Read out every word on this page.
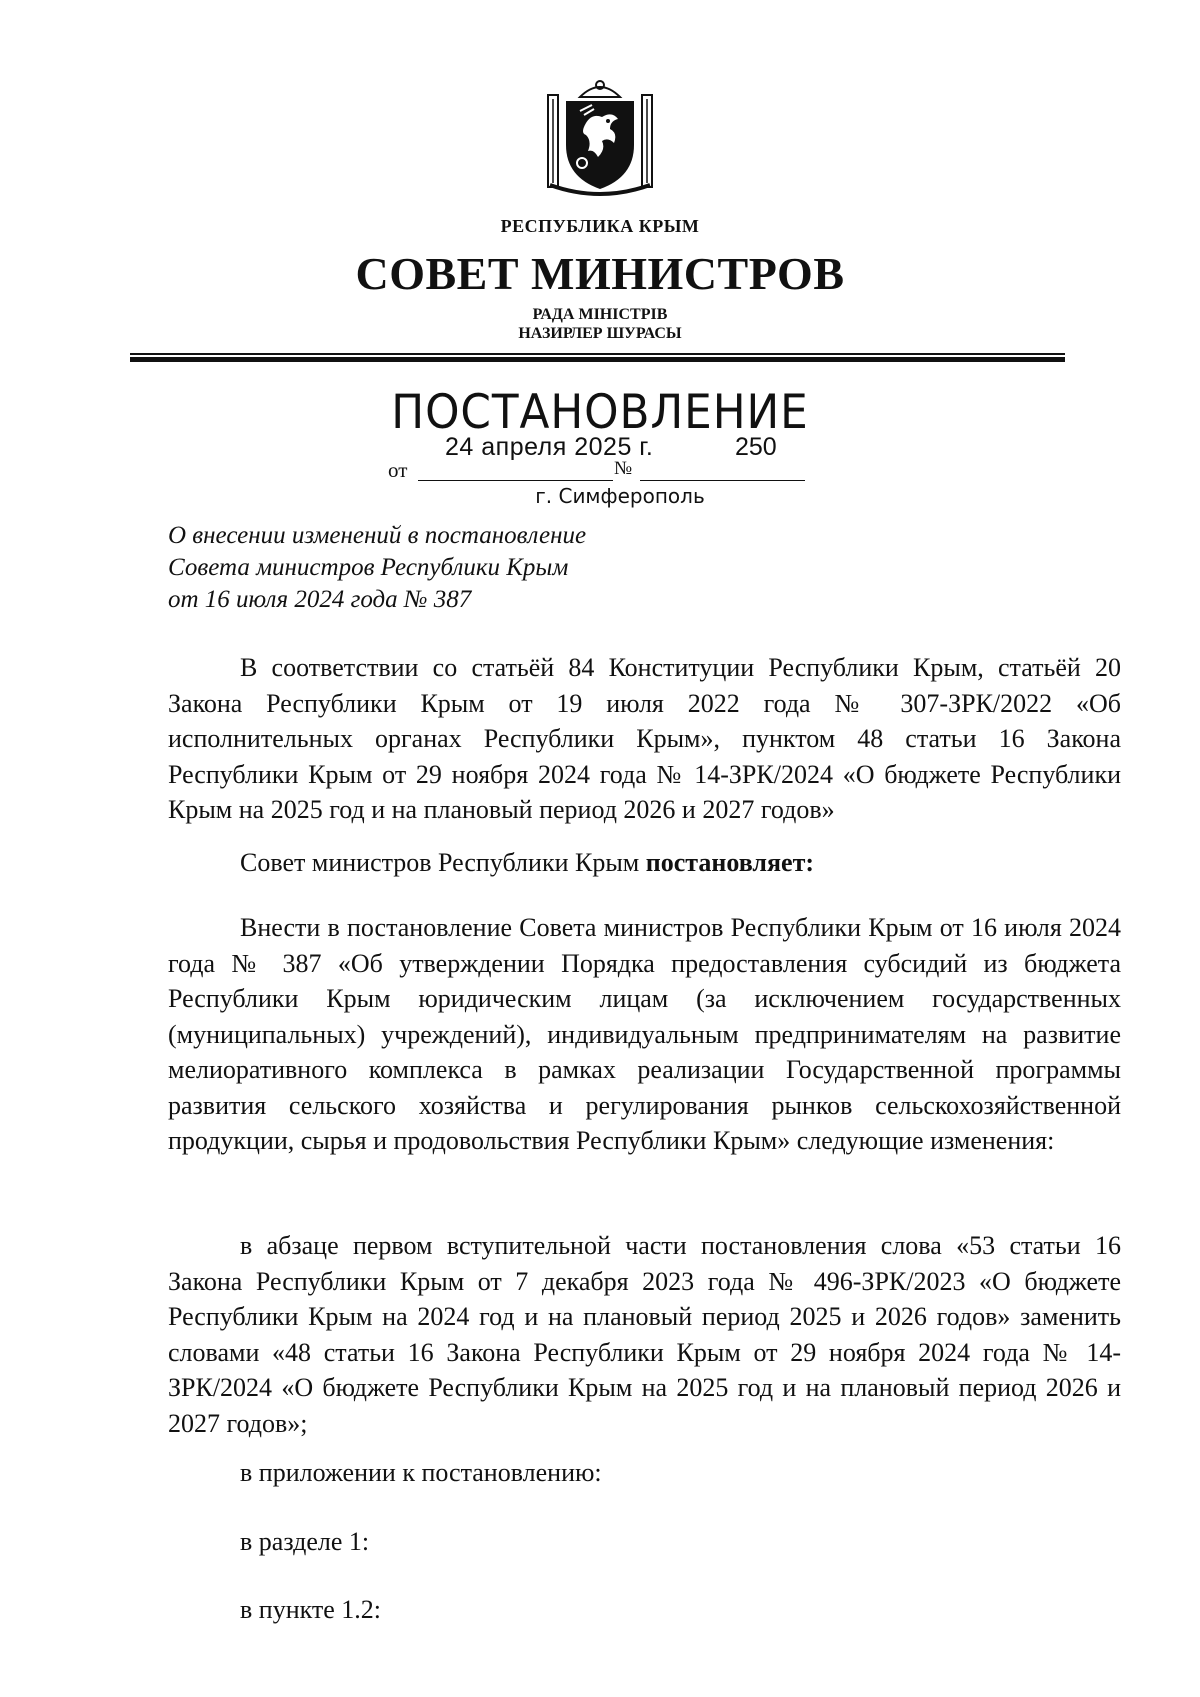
РЕСПУБЛИКА КРЫМ
СОВЕТ МИНИСТРОВ
РАДА МІНІСТРІВ
НАЗИРЛЕР ШУРАСЫ
ПОСТАНОВЛЕНИЕ
24 апреля 2025 г.	250
от	№
г. Симферополь
О внесении изменений в постановление
Совета министров Республики Крым
от 16 июля 2024 года № 387
В соответствии со статьёй 84 Конституции Республики Крым, статьёй 20 Закона Республики Крым от 19 июля 2022 года № 307-ЗРК/2022 «Об исполнительных органах Республики Крым», пунктом 48 статьи 16 Закона Республики Крым от 29 ноября 2024 года № 14-ЗРК/2024 «О бюджете Республики Крым на 2025 год и на плановый период 2026 и 2027 годов»
Совет министров Республики Крым постановляет:
Внести в постановление Совета министров Республики Крым от 16 июля 2024 года № 387 «Об утверждении Порядка предоставления субсидий из бюджета Республики Крым юридическим лицам (за исключением государственных (муниципальных) учреждений), индивидуальным предпринимателям на развитие мелиоративного комплекса в рамках реализации Государственной программы развития сельского хозяйства и регулирования рынков сельскохозяйственной продукции, сырья и продовольствия Республики Крым» следующие изменения:
в абзаце первом вступительной части постановления слова «53 статьи 16 Закона Республики Крым от 7 декабря 2023 года № 496-ЗРК/2023 «О бюджете Республики Крым на 2024 год и на плановый период 2025 и 2026 годов» заменить словами «48 статьи 16 Закона Республики Крым от 29 ноября 2024 года № 14-ЗРК/2024 «О бюджете Республики Крым на 2025 год и на плановый период 2026 и 2027 годов»;
в приложении к постановлению:
в разделе 1:
в пункте 1.2:
